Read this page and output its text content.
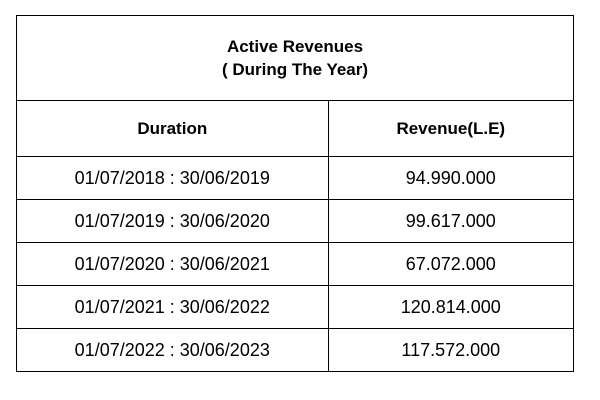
Active Revenues
( During The Year)	

Duration	Revenue(L.E)
01/07/2018 : 30/06/2019	94.990.000
01/07/2019 : 30/06/2020	99.617.000
01/07/2020 : 30/06/2021	67.072.000
01/07/2021 : 30/06/2022	120.814.000
01/07/2022 : 30/06/2023	117.572.000
